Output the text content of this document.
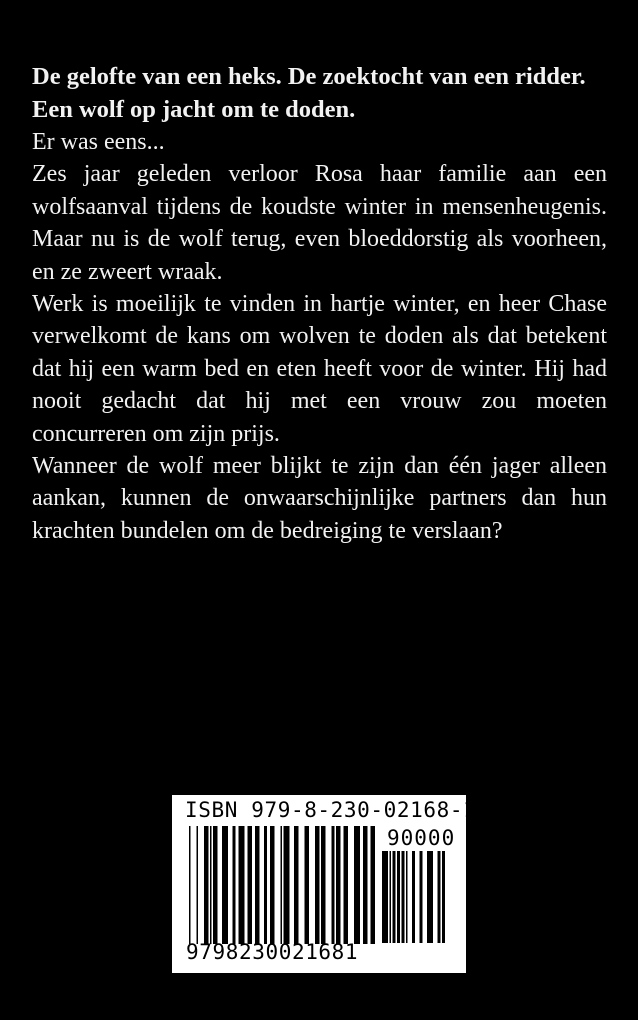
De gelofte van een heks. De zoektocht van een ridder. Een wolf op jacht om te doden.

Er was eens...

Zes jaar geleden verloor Rosa haar familie aan een wolfsaanval tijdens de koudste winter in mensenheugenis. Maar nu is de wolf terug, even bloeddorstig als voorheen, en ze zweert wraak.

Werk is moeilijk te vinden in hartje winter, en heer Chase verwelkomt de kans om wolven te doden als dat betekent dat hij een warm bed en eten heeft voor de winter. Hij had nooit gedacht dat hij met een vrouw zou moeten concurreren om zijn prijs.

Wanneer de wolf meer blijkt te zijn dan één jager alleen aankan, kunnen de onwaarschijnlijke partners dan hun krachten bundelen om de bedreiging te verslaan?

ISBN 979-8-230-02168-1
90000
9798230021681
